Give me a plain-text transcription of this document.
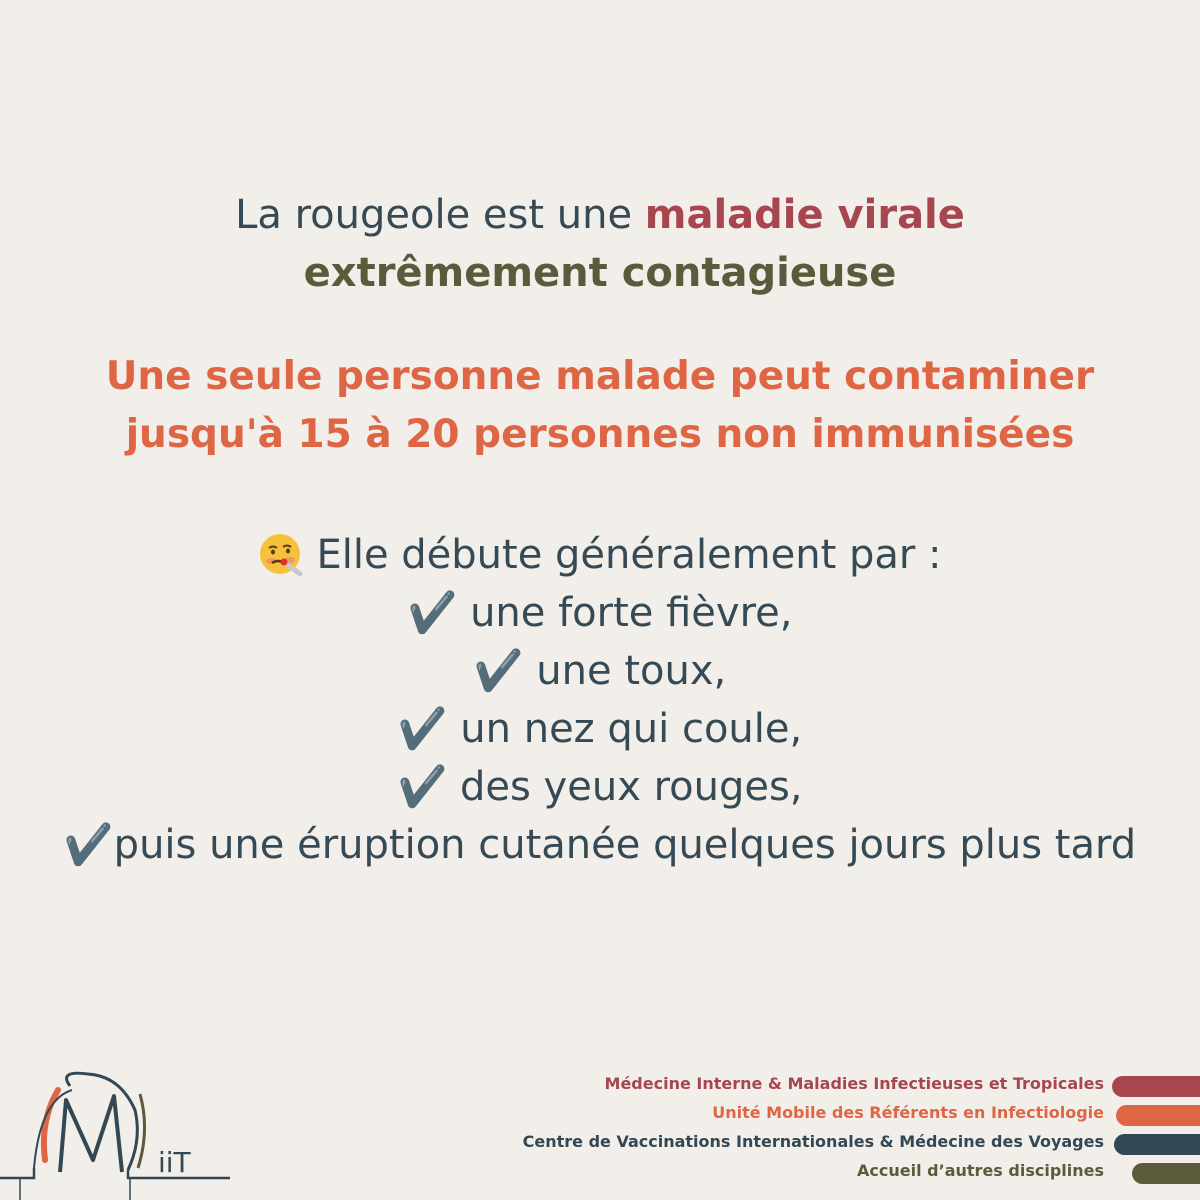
La rougeole est une maladie virale
extrêmement contagieuse
Une seule personne malade peut contaminer
jusqu'à 15 à 20 personnes non immunisées
Elle débute généralement par :
✔️ une forte fièvre,
✔️ une toux,
✔️ un nez qui coule,
✔️ des yeux rouges,
✔️puis une éruption cutanée quelques jours plus tard
iiT
Médecine Interne & Maladies Infectieuses et Tropicales
Unité Mobile des Référents en Infectiologie
Centre de Vaccinations Internationales & Médecine des Voyages
Accueil d’autres disciplines
